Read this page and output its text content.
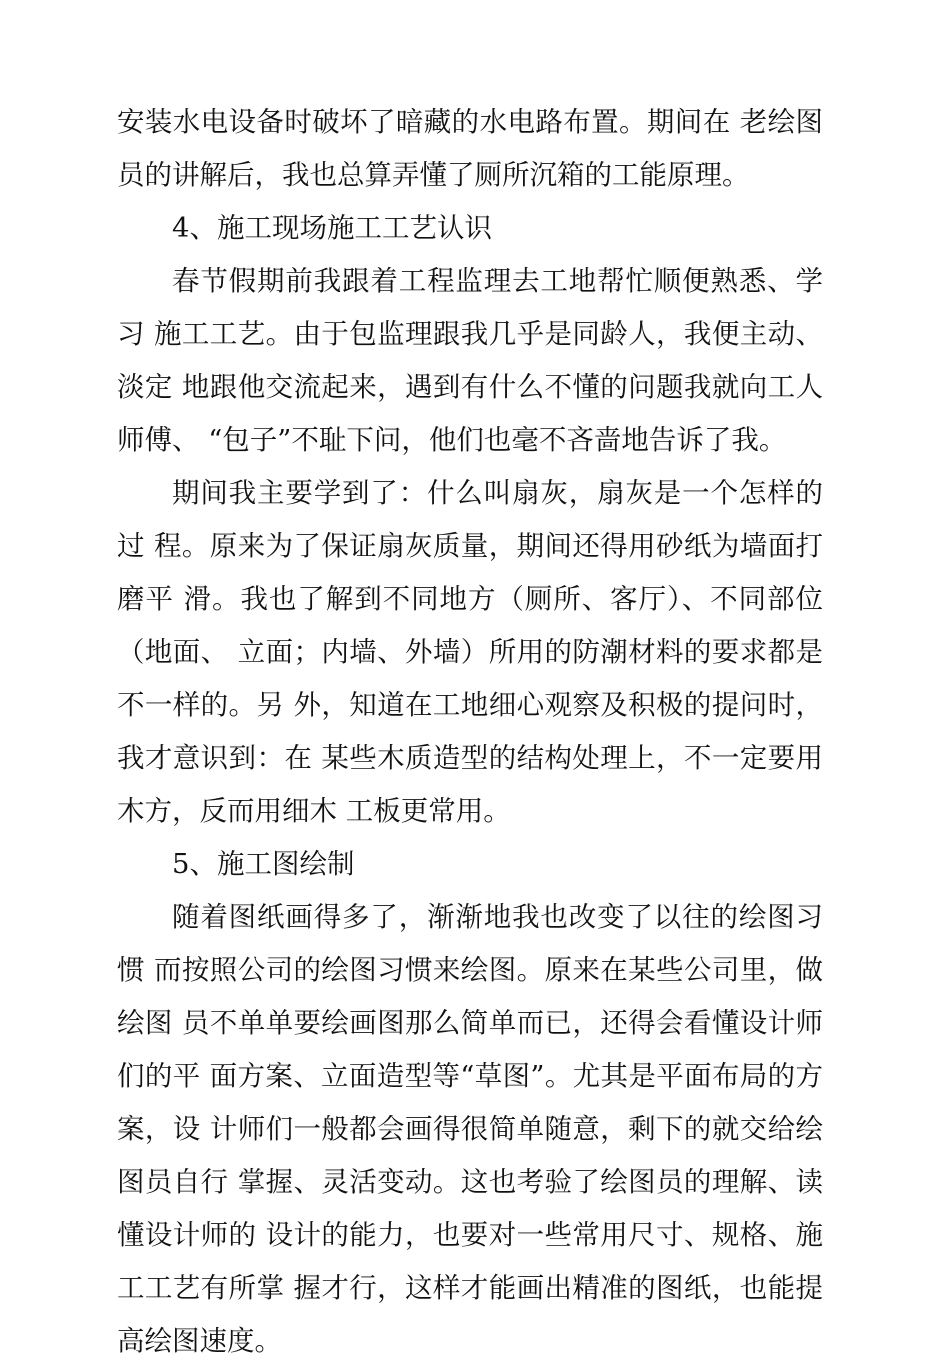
安装水电设备时破坏了暗藏的水电路布置。期间在 老绘图员的讲解后，我也总算弄懂了厕所沉箱的工能原理。

4、施工现场施工工艺认识

春节假期前我跟着工程监理去工地帮忙顺便熟悉、学习 施工工艺。由于包监理跟我几乎是同龄人，我便主动、淡定 地跟他交流起来，遇到有什么不懂的问题我就向工人师傅、 “包子”不耻下问，他们也毫不吝啬地告诉了我。

期间我主要学到了：什么叫扇灰，扇灰是一个怎样的过 程。原来为了保证扇灰质量，期间还得用砂纸为墙面打磨平 滑。我也了解到不同地方（厕所、客厅）、不同部位（地面、 立面；内墙、外墙）所用的防潮材料的要求都是不一样的。另 外，知道在工地细心观察及积极的提问时，我才意识到：在 某些木质造型的结构处理上，不一定要用木方，反而用细木 工板更常用。

5、施工图绘制

随着图纸画得多了，渐渐地我也改变了以往的绘图习惯 而按照公司的绘图习惯来绘图。原来在某些公司里，做绘图 员不单单要绘画图那么简单而已，还得会看懂设计师们的平 面方案、立面造型等“草图”。尤其是平面布局的方案，设 计师们一般都会画得很简单随意，剩下的就交给绘图员自行 掌握、灵活变动。这也考验了绘图员的理解、读懂设计师的 设计的能力，也要对一些常用尺寸、规格、施工工艺有所掌 握才行，这样才能画出精准的图纸，也能提高绘图速度。
